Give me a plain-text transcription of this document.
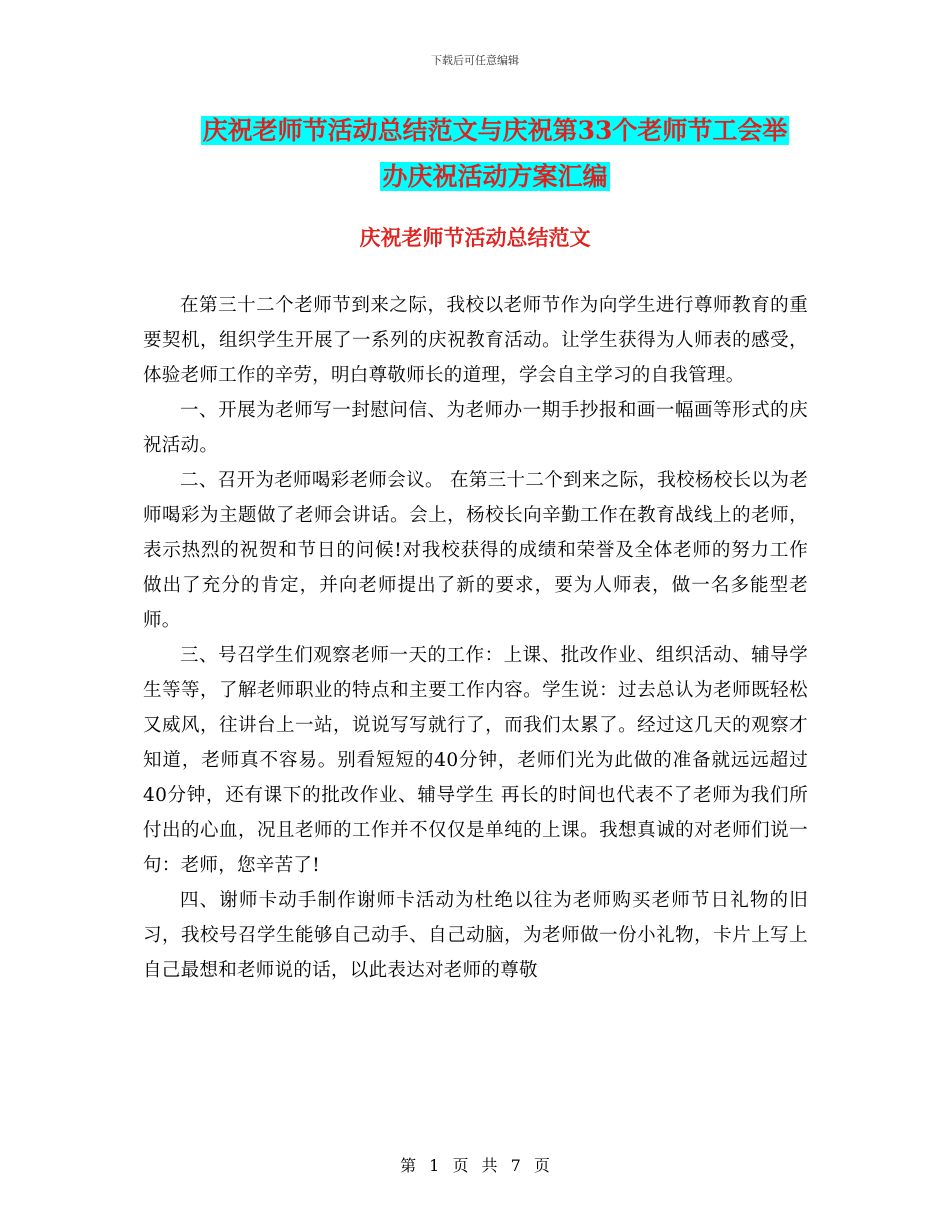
下载后可任意编辑
庆祝老师节活动总结范文与庆祝第33个老师节工会举
办庆祝活动方案汇编
庆祝老师节活动总结范文

在第三十二个老师节到来之际，我校以老师节作为向学生进行尊师教育的重要契机，组织学生开展了一系列的庆祝教育活动。让学生获得为人师表的感受，体验老师工作的辛劳，明白尊敬师长的道理，学会自主学习的自我管理。

一、开展为老师写一封慰问信、为老师办一期手抄报和画一幅画等形式的庆祝活动。

二、召开为老师喝彩老师会议。 在第三十二个到来之际，我校杨校长以为老师喝彩为主题做了老师会讲话。会上，杨校长向辛勤工作在教育战线上的老师，表示热烈的祝贺和节日的问候!对我校获得的成绩和荣誉及全体老师的努力工作做出了充分的肯定，并向老师提出了新的要求，要为人师表，做一名多能型老师。

三、号召学生们观察老师一天的工作：上课、批改作业、组织活动、辅导学生等等，了解老师职业的特点和主要工作内容。学生说：过去总认为老师既轻松又威风，往讲台上一站，说说写写就行了，而我们太累了。经过这几天的观察才知道，老师真不容易。别看短短的40分钟，老师们光为此做的准备就远远超过40分钟，还有课下的批改作业、辅导学生 再长的时间也代表不了老师为我们所付出的心血，况且老师的工作并不仅仅是单纯的上课。我想真诚的对老师们说一句：老师，您辛苦了!

四、谢师卡动手制作谢师卡活动为杜绝以往为老师购买老师节日礼物的旧习，我校号召学生能够自己动手、自己动脑，为老师做一份小礼物，卡片上写上自己最想和老师说的话，以此表达对老师的尊敬

第 1 页 共 7 页
